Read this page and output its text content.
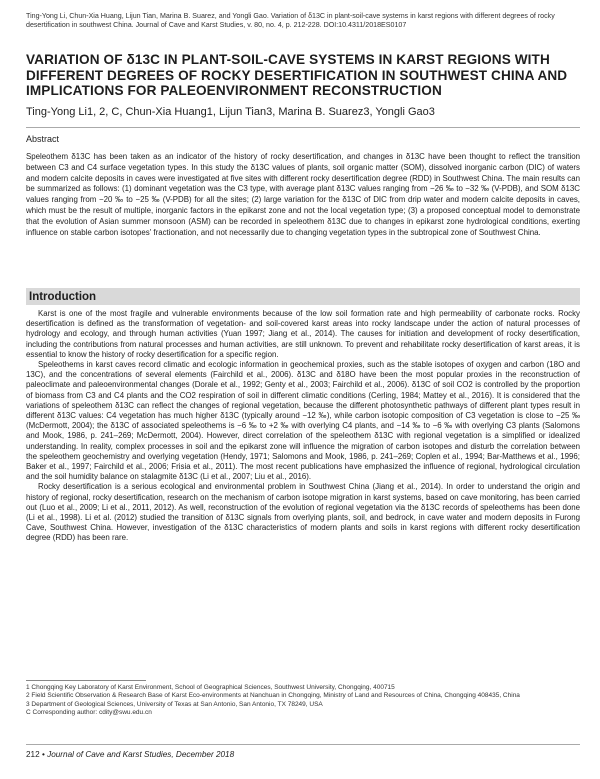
Ting-Yong Li, Chun-Xia Huang, Lijun Tian, Marina B. Suarez, and Yongli Gao. Variation of δ13C in plant-soil-cave systems in karst regions with different degrees of rocky desertification in southwest China. Journal of Cave and Karst Studies, v. 80, no. 4, p. 212-228. DOI:10.4311/2018ES0107
VARIATION OF δ13C IN PLANT-SOIL-CAVE SYSTEMS IN KARST REGIONS WITH DIFFERENT DEGREES OF ROCKY DESERTIFICATION IN SOUTHWEST CHINA AND IMPLICATIONS FOR PALEOENVIRONMENT RECONSTRUCTION
Ting-Yong Li1, 2, C, Chun-Xia Huang1, Lijun Tian3, Marina B. Suarez3, Yongli Gao3
Abstract
Speleothem δ13C has been taken as an indicator of the history of rocky desertification, and changes in δ13C have been thought to reflect the transition between C3 and C4 surface vegetation types. In this study the δ13C values of plants, soil organic matter (SOM), dissolved inorganic carbon (DIC) of waters and modern calcite deposits in caves were investigated at five sites with different rocky desertification degree (RDD) in Southwest China. The main results can be summarized as follows: (1) dominant vegetation was the C3 type, with average plant δ13C values ranging from −26 ‰ to −32 ‰ (V-PDB), and SOM δ13C values ranging from −20 ‰ to −25 ‰ (V-PDB) for all the sites; (2) large variation for the δ13C of DIC from drip water and modern calcite deposits in caves, which must be the result of multiple, inorganic factors in the epikarst zone and not the local vegetation type; (3) a proposed conceptual model to demonstrate that the evolution of Asian summer monsoon (ASM) can be recorded in speleothem δ13C due to changes in epikarst zone hydrological conditions, exerting influence on stable carbon isotopes' fractionation, and not necessarily due to changing vegetation types in the subtropical zone of Southwest China.
Introduction

Karst is one of the most fragile and vulnerable environments because of the low soil formation rate and high permeability of carbonate rocks. Rocky desertification is defined as the transformation of vegetation- and soil-covered karst areas into rocky landscape under the action of natural processes of hydrology and ecology, and through human activities (Yuan 1997; Jiang et al., 2014). The causes for initiation and development of rocky desertification, including the contributions from natural processes and human activities, are still unknown. To prevent and rehabilitate rocky desertification of karst areas, it is essential to know the history of rocky desertification for a specific region.

Speleothems in karst caves record climatic and ecologic information in geochemical proxies, such as the stable isotopes of oxygen and carbon (18O and 13C), and the concentrations of several elements (Fairchild et al., 2006). δ13C and δ18O have been the most popular proxies in the reconstruction of paleoclimate and paleoenvironmental changes (Dorale et al., 1992; Genty et al., 2003; Fairchild et al., 2006). δ13C of soil CO2 is controlled by the proportion of biomass from C3 and C4 plants and the CO2 respiration of soil in different climatic conditions (Cerling, 1984; Mattey et al., 2016). It is considered that the variations of speleothem δ13C can reflect the changes of regional vegetation, because the different photosynthetic pathways of different plant types result in different δ13C values: C4 vegetation has much higher δ13C (typically around −12 ‰), while carbon isotopic composition of C3 vegetation is close to −25 ‰ (McDermott, 2004); the δ13C of associated speleothems is −6 ‰ to +2 ‰ with overlying C4 plants, and −14 ‰ to −6 ‰ with overlying C3 plants (Salomons and Mook, 1986, p. 241–269; McDermott, 2004). However, direct correlation of the speleothem δ13C with regional vegetation is a simplified or idealized understanding. In reality, complex processes in soil and the epikarst zone will influence the migration of carbon isotopes and disturb the correlation between the speleothem geochemistry and overlying vegetation (Hendy, 1971; Salomons and Mook, 1986, p. 241–269; Coplen et al., 1994; Bar-Matthews et al., 1996; Baker et al., 1997; Fairchild et al., 2006; Frisia et al., 2011). The most recent publications have emphasized the influence of regional, hydrological circulation and the soil humidity balance on stalagmite δ13C (Li et al., 2007; Liu et al., 2016).

Rocky desertification is a serious ecological and environmental problem in Southwest China (Jiang et al., 2014). In order to understand the origin and history of regional, rocky desertification, research on the mechanism of carbon isotope migration in karst systems, based on cave monitoring, has been carried out (Luo et al., 2009; Li et al., 2011, 2012). As well, reconstruction of the evolution of regional vegetation via the δ13C records of speleothems has been done (Li et al., 1998). Li et al. (2012) studied the transition of δ13C signals from overlying plants, soil, and bedrock, in cave water and modern deposits in Furong Cave, Southwest China. However, investigation of the δ13C characteristics of modern plants and soils in karst regions with different rocky desertification degree (RDD) has been rare.

1 Chongqing Key Laboratory of Karst Environment, School of Geographical Sciences, Southwest University, Chongqing, 400715
2 Field Scientific Observation & Research Base of Karst Eco-environments at Nanchuan in Chongqing, Ministry of Land and Resources of China, Chongqing 408435, China
3 Department of Geological Sciences, University of Texas at San Antonio, San Antonio, TX 78249, USA
C Corresponding author: cdity@swu.edu.cn
212 • Journal of Cave and Karst Studies, December 2018
